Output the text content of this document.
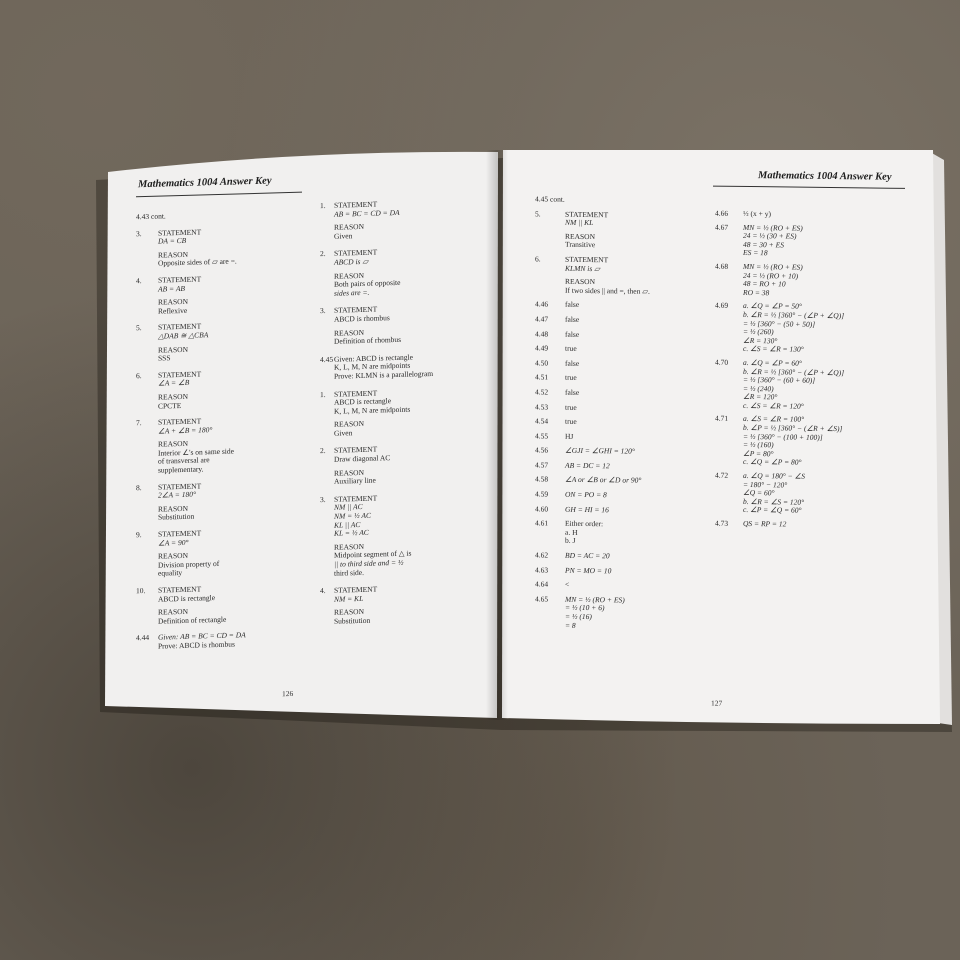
Mathematics 1004 Answer Key
4.43 cont.
3.	STATEMENT
DA = CB
REASON
Opposite sides of ▱ are =.
4.	STATEMENT
AB = AB
REASON
Reflexive
5.	STATEMENT
△DAB ≅ △CBA
REASON
SSS
6.	STATEMENT
∠A = ∠B
REASON
CPCTE
7.	STATEMENT
∠A + ∠B = 180°
REASON
Interior ∠'s on same side
of transversal are
supplementary.
8.	STATEMENT
2∠A = 180°
REASON
Substitution
9.	STATEMENT
∠A = 90°
REASON
Division property of
equality
10.	STATEMENT
ABCD is rectangle
REASON
Definition of rectangle
4.44	Given: AB = BC = CD = DA
Prove: ABCD is rhombus
1.	STATEMENT
AB = BC = CD = DA
REASON
Given
2.	STATEMENT
ABCD is ▱
REASON
Both pairs of opposite
sides are =.
3.	STATEMENT
ABCD is rhombus
REASON
Definition of rhombus
4.45 Given: ABCD is rectangle
K, L, M, N are midpoints
Prove: KLMN is a parallelogram
1.	STATEMENT
ABCD is rectangle
K, L, M, N are midpoints
REASON
Given
2.	STATEMENT
Draw diagonal AC
REASON
Auxiliary line
3.	STATEMENT
NM || AC
NM = ½ AC
KL || AC
KL = ½ AC
REASON
Midpoint segment of △ is
|| to third side and = ½
third side.
4.	STATEMENT
NM = KL
REASON
Substitution
126
Mathematics 1004 Answer Key
4.45 cont.
5.	STATEMENT
NM || KL
REASON
Transitive
6.	STATEMENT
KLMN is ▱
REASON
If two sides || and =, then ▱.
4.46	false
4.47	false
4.48	false
4.49	true
4.50	false
4.51	true
4.52	false
4.53	true
4.54	true
4.55	HJ
4.56	∠GJI = ∠GHI = 120°
4.57	AB = DC = 12
4.58	∠A or ∠B or ∠D or 90°
4.59	ON = PO = 8
4.60	GH = HI = 16
4.61	Either order:
a. H
b. J
4.62	BD = AC = 20
4.63	PN = MO = 10
4.64	<
4.65	MN = ½ (RO + ES)
= ½ (10 + 6)
= ½ (16)
= 8
4.66	½ (x + y)
4.67	MN = ½ (RO + ES)
24 = ½ (30 + ES)
48 = 30 + ES
ES = 18
4.68	MN = ½ (RO + ES)
24 = ½ (RO + 10)
48 = RO + 10
RO = 38
4.69	a. ∠Q = ∠P = 50°
b. ∠R = ½ [360° − (∠P + ∠Q)]
= ½ [360° − (50 + 50)]
= ½ (260)
∠R = 130°
c. ∠S = ∠R = 130°
4.70	a. ∠Q = ∠P = 60°
b. ∠R = ½ [360° − (∠P + ∠Q)]
= ½ [360° − (60 + 60)]
= ½ (240)
∠R = 120°
c. ∠S = ∠R = 120°
4.71	a. ∠S = ∠R = 100°
b. ∠P = ½ [360° − (∠R + ∠S)]
= ½ [360° − (100 + 100)]
= ½ (160)
∠P = 80°
c. ∠Q = ∠P = 80°
4.72	a. ∠Q = 180° − ∠S
= 180° − 120°
∠Q = 60°
b. ∠R = ∠S = 120°
c. ∠P = ∠Q = 60°
4.73	QS = RP = 12
127
